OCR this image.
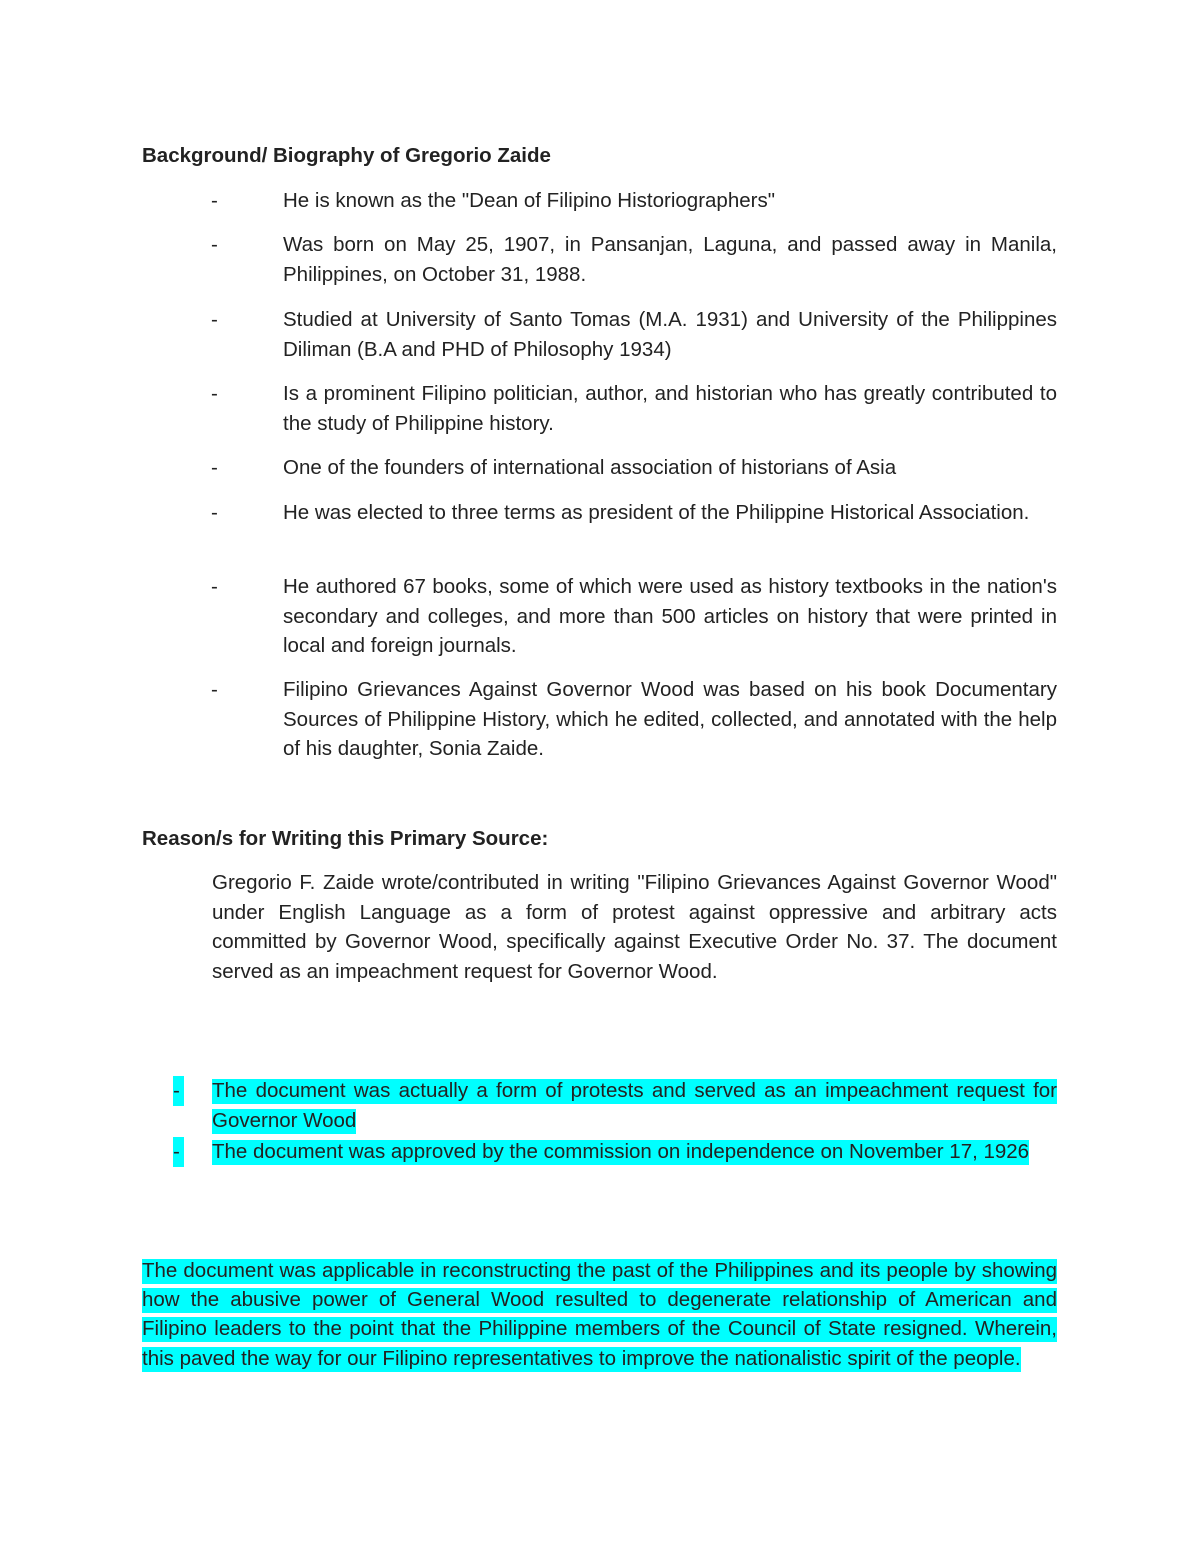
Background/ Biography of Gregorio Zaide
-	He is known as the "Dean of Filipino Historiographers"
-	Was born on May 25, 1907, in Pansanjan, Laguna, and passed away in Manila, Philippines, on October 31, 1988.
-	Studied at University of Santo Tomas (M.A. 1931) and University of the Philippines Diliman (B.A and PHD of Philosophy 1934)
-	Is a prominent Filipino politician, author, and historian who has greatly contributed to the study of Philippine history.
-	One of the founders of international association of historians of Asia
-	He was elected to three terms as president of the Philippine Historical Association.
-	He authored 67 books, some of which were used as history textbooks in the nation's secondary and colleges, and more than 500 articles on history that were printed in local and foreign journals.
-	Filipino Grievances Against Governor Wood was based on his book Documentary Sources of Philippine History, which he edited, collected, and annotated with the help of his daughter, Sonia Zaide.
Reason/s for Writing this Primary Source:

Gregorio F. Zaide wrote/contributed in writing "Filipino Grievances Against Governor Wood" under English Language as a form of protest against oppressive and arbitrary acts committed by Governor Wood, specifically against Executive Order No. 37. The document served as an impeachment request for Governor Wood.

- The document was actually a form of protests and served as an impeachment request for Governor Wood
- The document was approved by the commission on independence on November 17, 1926

The document was applicable in reconstructing the past of the Philippines and its people by showing how the abusive power of General Wood resulted to degenerate relationship of American and Filipino leaders to the point that the Philippine members of the Council of State resigned. Wherein, this paved the way for our Filipino representatives to improve the nationalistic spirit of the people.
